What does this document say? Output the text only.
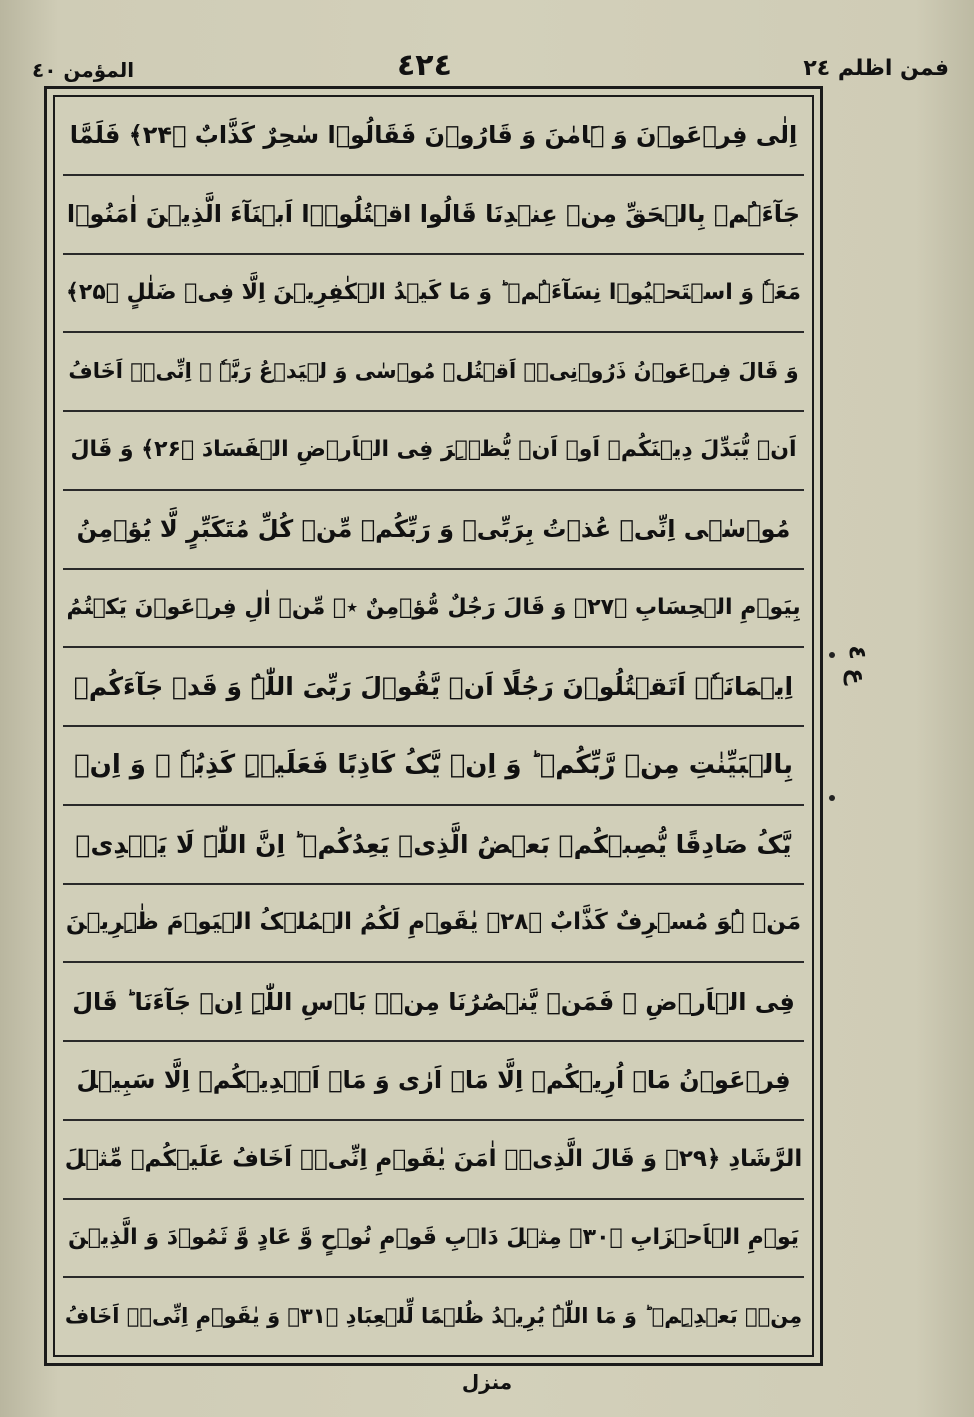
فمن اظلم ٢٤
٤٢٤
المؤمن ٤٠
اِلٰی فِرۡعَوۡنَ وَ ہَامٰنَ وَ قَارُوۡنَ فَقَالُوۡا سٰحِرٌ کَذَّابٌ ﴿۲۴﴾ فَلَمَّا
جَآءَہُمۡ بِالۡحَقِّ مِنۡ عِنۡدِنَا قَالُوا اقۡتُلُوۡۤا اَبۡنَآءَ الَّذِیۡنَ اٰمَنُوۡا
مَعَہٗ وَ اسۡتَحۡیُوۡا نِسَآءَہُمۡ ؕ وَ مَا کَیۡدُ الۡکٰفِرِیۡنَ اِلَّا فِیۡ ضَلٰلٍ ﴿۲۵﴾
وَ قَالَ فِرۡعَوۡنُ ذَرُوۡنِیۡۤ اَقۡتُلۡ مُوۡسٰی وَ لۡیَدۡعُ رَبَّہٗ ۚ اِنِّیۡۤ اَخَافُ
اَنۡ یُّبَدِّلَ دِیۡنَکُمۡ اَوۡ اَنۡ یُّظۡہِرَ فِی الۡاَرۡضِ الۡفَسَادَ ﴿۲۶﴾ وَ قَالَ
مُوۡسٰۤی اِنِّیۡ عُذۡتُ بِرَبِّیۡ وَ رَبِّکُمۡ مِّنۡ کُلِّ مُتَکَبِّرٍ لَّا یُؤۡمِنُ
بِیَوۡمِ الۡحِسَابِ ﴿۲۷﴾ وَ قَالَ رَجُلٌ مُّؤۡمِنٌ ٭ۖ مِّنۡ اٰلِ فِرۡعَوۡنَ یَکۡتُمُ
اِیۡمَانَہٗۤ اَتَقۡتُلُوۡنَ رَجُلًا اَنۡ یَّقُوۡلَ رَبِّیَ اللّٰہُ وَ قَدۡ جَآءَکُمۡ
بِالۡبَیِّنٰتِ مِنۡ رَّبِّکُمۡ ؕ وَ اِنۡ یَّکُ کَاذِبًا فَعَلَیۡہِ کَذِبُہٗ ۚ وَ اِنۡ
یَّکُ صَادِقًا یُّصِبۡکُمۡ بَعۡضُ الَّذِیۡ یَعِدُکُمۡ ؕ اِنَّ اللّٰہَ لَا یَہۡدِیۡ
مَنۡ ہُوَ مُسۡرِفٌ کَذَّابٌ ﴿۲۸﴾ یٰقَوۡمِ لَکُمُ الۡمُلۡکُ الۡیَوۡمَ ظٰہِرِیۡنَ
فِی الۡاَرۡضِ ۫ فَمَنۡ یَّنۡصُرُنَا مِنۡۢ بَاۡسِ اللّٰہِ اِنۡ جَآءَنَا ؕ قَالَ
فِرۡعَوۡنُ مَاۤ اُرِیۡکُمۡ اِلَّا مَاۤ اَرٰی وَ مَاۤ اَہۡدِیۡکُمۡ اِلَّا سَبِیۡلَ
الرَّشَادِ ﴿۲۹﴾ وَ قَالَ الَّذِیۡۤ اٰمَنَ یٰقَوۡمِ اِنِّیۡۤ اَخَافُ عَلَیۡکُمۡ مِّثۡلَ
یَوۡمِ الۡاَحۡزَابِ ﴿۳۰﴾ مِثۡلَ دَاۡبِ قَوۡمِ نُوۡحٍ وَّ عَادٍ وَّ ثَمُوۡدَ وَ الَّذِیۡنَ
مِنۡۢ بَعۡدِہِمۡ ؕ وَ مَا اللّٰہُ یُرِیۡدُ ظُلۡمًا لِّلۡعِبَادِ ﴿۳۱﴾ وَ یٰقَوۡمِ اِنِّیۡۤ اَخَافُ
ع ٤
منزل
